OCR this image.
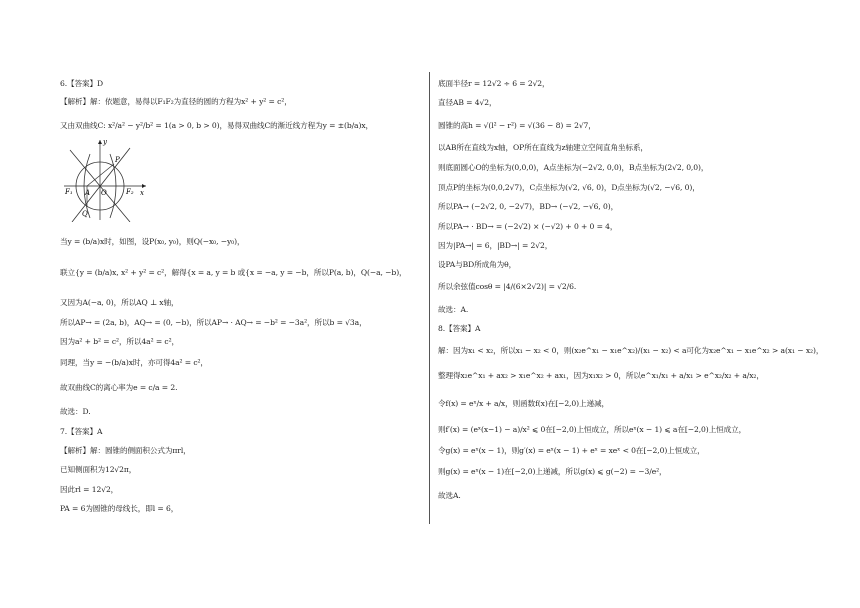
6.【答案】D
【解析】解：依题意，易得以F₁F₂为直径的圆的方程为x² + y² = c²，
又由双曲线C: x²/a² − y²/b² = 1(a > 0, b > 0)，易得双曲线C的渐近线方程为y = ±(b/a)x，
当y = (b/a)x时，如图，设P(x₀, y₀)，则Q(−x₀, −y₀)，
联立{y = (b/a)x, x² + y² = c²，解得{x = a, y = b 或{x = −a, y = −b，所以P(a, b)，Q(−a, −b)，
又因为A(−a, 0)，所以AQ ⊥ x轴，
所以AP→ = (2a, b)，AQ→ = (0, −b)，所以AP→ · AQ→ = −b² = −3a²，所以b = √3a，
因为a² + b² = c²，所以4a² = c²，
同理，当y = −(b/a)x时，亦可得4a² = c²，
故双曲线C的离心率为e = c/a = 2.
故选：D.
7.【答案】A
【解析】解：圆锥的侧面积公式为πrl，
已知侧面积为12√2π，
因此rl = 12√2，
PA = 6为圆锥的母线长，即l = 6，
y
x
P
Q
A O
F₁	F₂
底面半径r = 12√2 ÷ 6 = 2√2，
直径AB = 4√2，
圆锥的高h = √(l² − r²) = √(36 − 8) = 2√7，
以AB所在直线为x轴，OP所在直线为z轴建立空间直角坐标系，
则底面圆心O的坐标为(0,0,0)，A点坐标为(−2√2, 0,0)，B点坐标为(2√2, 0,0)，
顶点P的坐标为(0,0,2√7)，C点坐标为(√2, √6, 0)，D点坐标为(√2, −√6, 0)，
所以PA→ (−2√2, 0, −2√7)，BD→ (−√2, −√6, 0)，
所以PA→ · BD→ = (−2√2) × (−√2) + 0 + 0 = 4，
因为|PA→| = 6，|BD→| = 2√2，
设PA与BD所成角为θ，
所以余弦值cosθ = |4/(6×2√2)| = √2/6.
故选：A.
8.【答案】A
解：因为x₁ < x₂，所以x₁ − x₂ < 0，则(x₂e^x₁ − x₁e^x₂)/(x₁ − x₂) < a可化为x₂e^x₁ − x₁e^x₂ > a(x₁ − x₂)，
整理得x₂e^x₁ + ax₂ > x₁e^x₂ + ax₁，因为x₁x₂ > 0，所以e^x₁/x₁ + a/x₁ > e^x₂/x₂ + a/x₂，
令f(x) = eˣ/x + a/x，则函数f(x)在[−2,0)上递减，
则f′(x) = (eˣ(x−1) − a)/x² ⩽ 0在[−2,0)上恒成立，所以eˣ(x − 1) ⩽ a在[−2,0)上恒成立，
令g(x) = eˣ(x − 1)，则g′(x) = eˣ(x − 1) + eˣ = xeˣ < 0在[−2,0)上恒成立，
则g(x) = eˣ(x − 1)在[−2,0)上递减，所以g(x) ⩽ g(−2) = −3/e²，
故选A.
